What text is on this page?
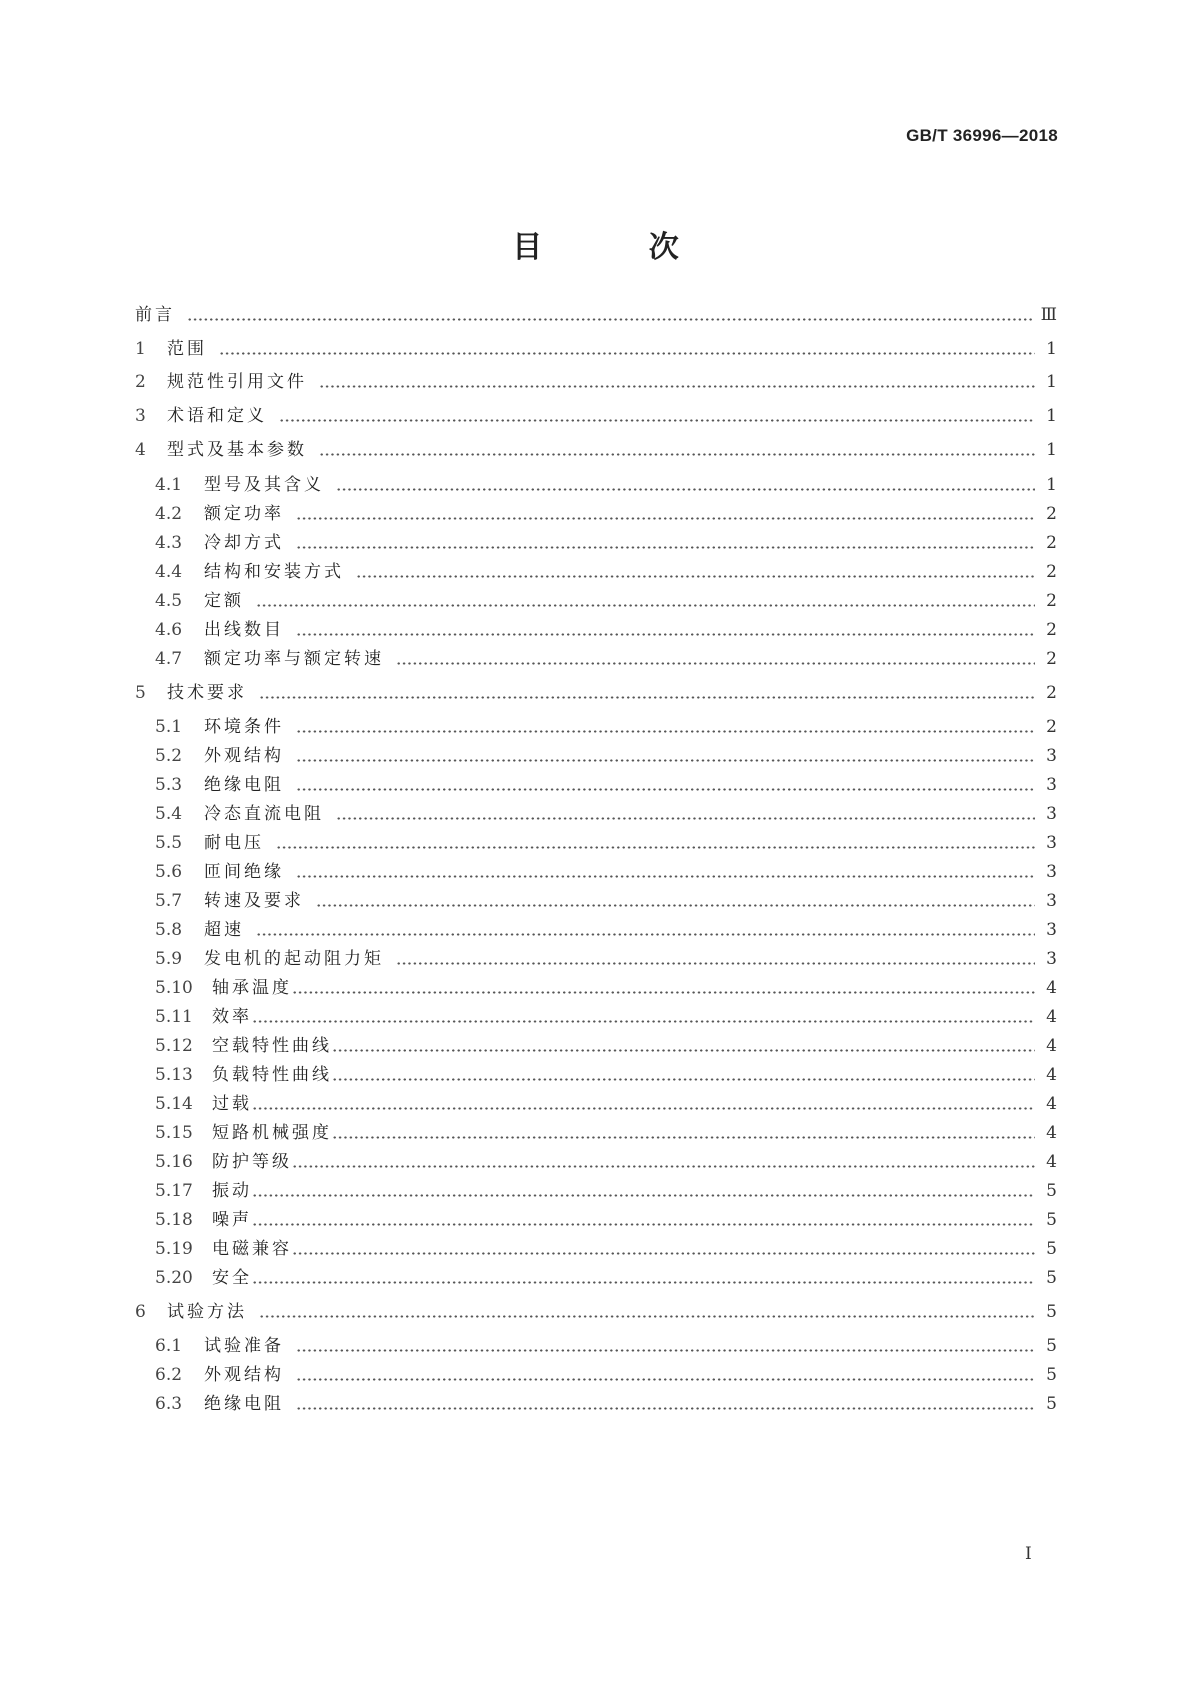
GB/T 36996—2018
目 次
前言	Ⅲ
1	范围	1
2	规范性引用文件	1
3	术语和定义	1
4	型式及基本参数	1
4.1	型号及其含义	1
4.2	额定功率	2
4.3	冷却方式	2
4.4	结构和安装方式	2
4.5	定额	2
4.6	出线数目	2
4.7	额定功率与额定转速	2
5	技术要求	2
5.1	环境条件	2
5.2	外观结构	3
5.3	绝缘电阻	3
5.4	冷态直流电阻	3
5.5	耐电压	3
5.6	匝间绝缘	3
5.7	转速及要求	3
5.8	超速	3
5.9	发电机的起动阻力矩	3
5.10	轴承温度	4
5.11	效率	4
5.12	空载特性曲线	4
5.13	负载特性曲线	4
5.14	过载	4
5.15	短路机械强度	4
5.16	防护等级	4
5.17	振动	5
5.18	噪声	5
5.19	电磁兼容	5
5.20	安全	5
6	试验方法	5
6.1	试验准备	5
6.2	外观结构	5
6.3	绝缘电阻	5
I
